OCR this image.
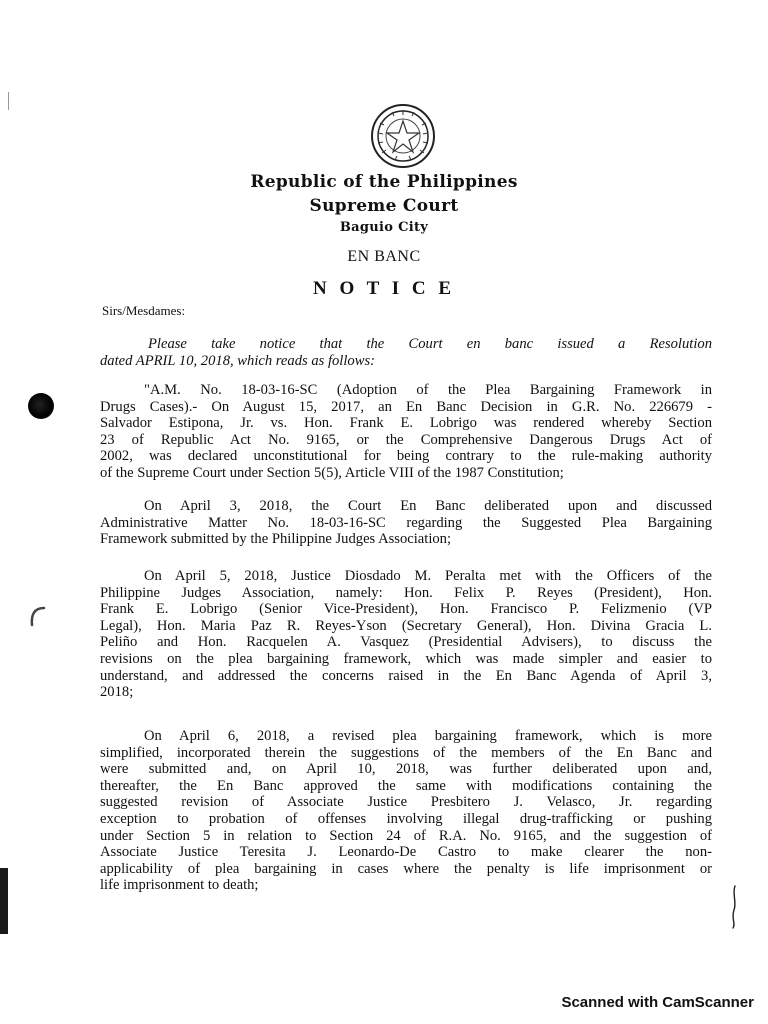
Republic of the Philippines
Supreme Court
Baguio City
EN BANC
N O T I C E
Sirs/Mesdames:
Please take notice that the Court en banc issued a Resolution
dated APRIL 10, 2018, which reads as follows:
"A.M. No. 18-03-16-SC (Adoption of the Plea Bargaining Framework in
Drugs Cases).- On August 15, 2017, an En Banc Decision in G.R. No. 226679 -
Salvador Estipona, Jr. vs. Hon. Frank E. Lobrigo was rendered whereby Section
23 of Republic Act No. 9165, or the Comprehensive Dangerous Drugs Act of
2002, was declared unconstitutional for being contrary to the rule-making authority
of the Supreme Court under Section 5(5), Article VIII of the 1987 Constitution;
On April 3, 2018, the Court En Banc deliberated upon and discussed
Administrative Matter No. 18-03-16-SC regarding the Suggested Plea Bargaining
Framework submitted by the Philippine Judges Association;
On April 5, 2018, Justice Diosdado M. Peralta met with the Officers of the
Philippine Judges Association, namely: Hon. Felix P. Reyes (President), Hon.
Frank E. Lobrigo (Senior Vice-President), Hon. Francisco P. Felizmenio (VP
Legal), Hon. Maria Paz R. Reyes-Yson (Secretary General), Hon. Divina Gracia L.
Peliño and Hon. Racquelen A. Vasquez (Presidential Advisers), to discuss the
revisions on the plea bargaining framework, which was made simpler and easier to
understand, and addressed the concerns raised in the En Banc Agenda of April 3,
2018;
On April 6, 2018, a revised plea bargaining framework, which is more
simplified, incorporated therein the suggestions of the members of the En Banc and
were submitted and, on April 10, 2018, was further deliberated upon and,
thereafter, the En Banc approved the same with modifications containing the
suggested revision of Associate Justice Presbitero J. Velasco, Jr. regarding
exception to probation of offenses involving illegal drug-trafficking or pushing
under Section 5 in relation to Section 24 of R.A. No. 9165, and the suggestion of
Associate Justice Teresita J. Leonardo-De Castro to make clearer the non-
applicability of plea bargaining in cases where the penalty is life imprisonment or
life imprisonment to death;
Scanned with CamScanner
